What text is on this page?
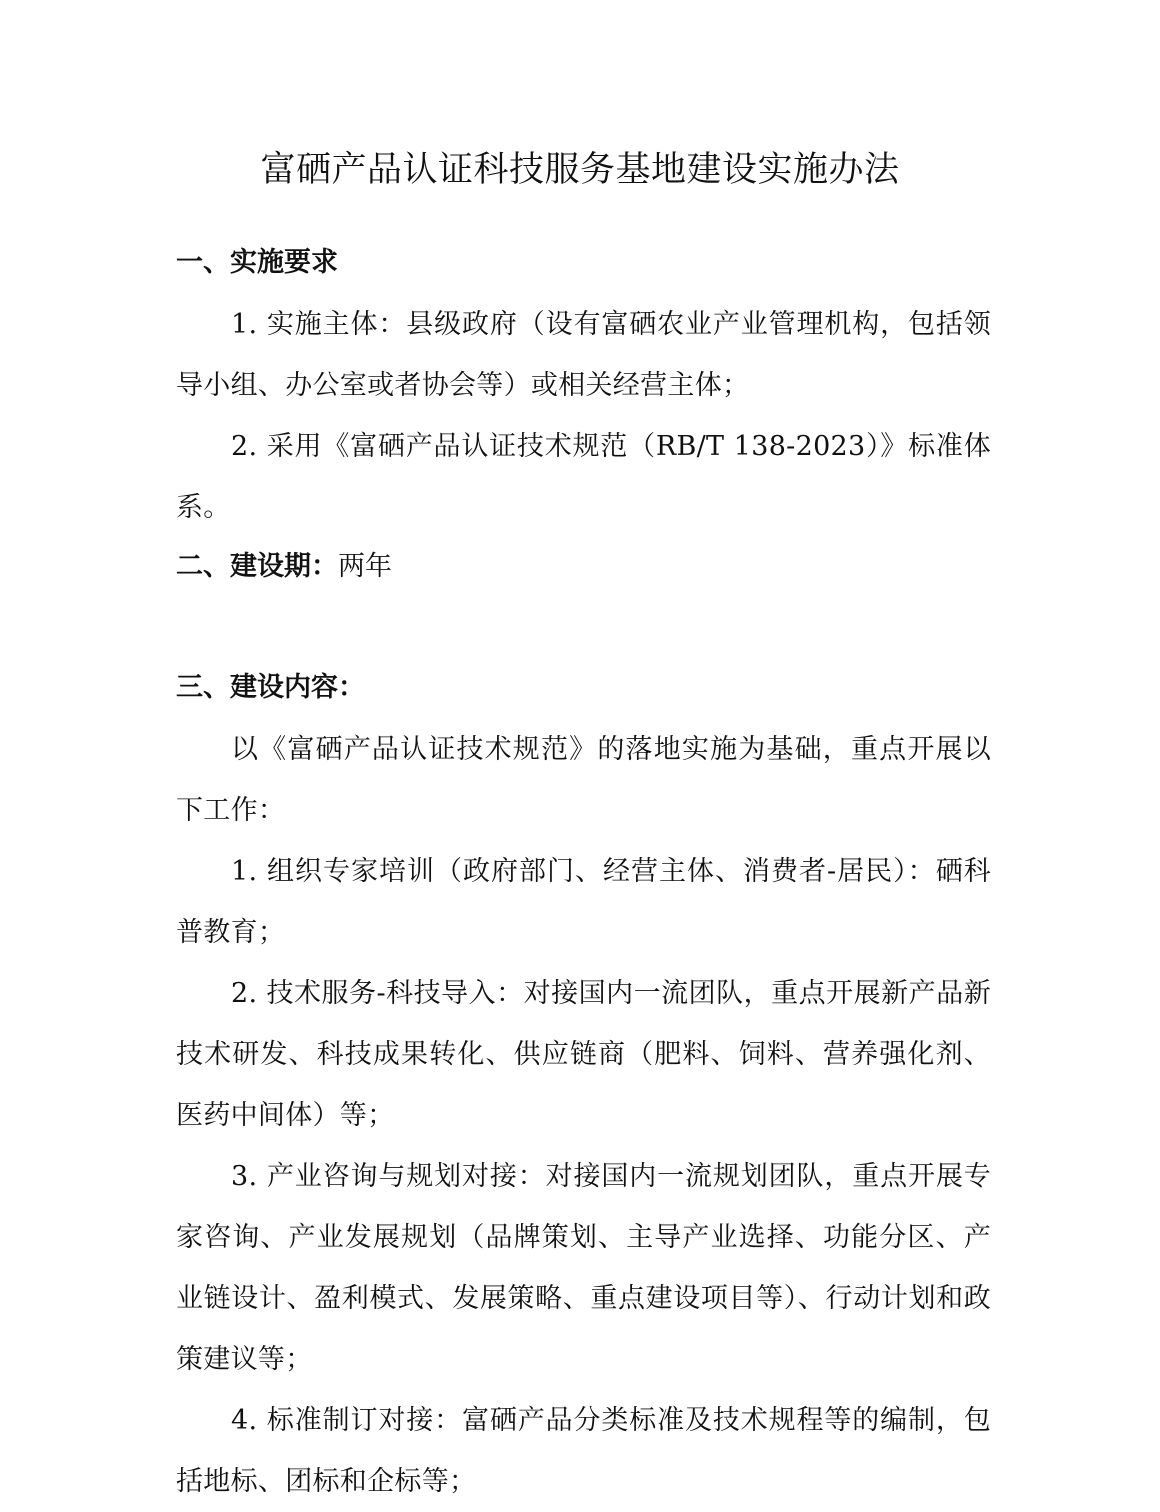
富硒产品认证科技服务基地建设实施办法
一、实施要求
1. 实施主体：县级政府（设有富硒农业产业管理机构，包括领导小组、办公室或者协会等）或相关经营主体；
2. 采用《富硒产品认证技术规范（RB/T 138-2023）》标准体系。
二、建设期：两年
三、建设内容：
以《富硒产品认证技术规范》的落地实施为基础，重点开展以下工作：
1. 组织专家培训（政府部门、经营主体、消费者-居民）：硒科普教育；
2. 技术服务-科技导入：对接国内一流团队，重点开展新产品新技术研发、科技成果转化、供应链商（肥料、饲料、营养强化剂、医药中间体）等；
3. 产业咨询与规划对接：对接国内一流规划团队，重点开展专家咨询、产业发展规划（品牌策划、主导产业选择、功能分区、产业链设计、盈利模式、发展策略、重点建设项目等）、行动计划和政策建议等；
4. 标准制订对接：富硒产品分类标准及技术规程等的编制，包括地标、团标和企标等；
